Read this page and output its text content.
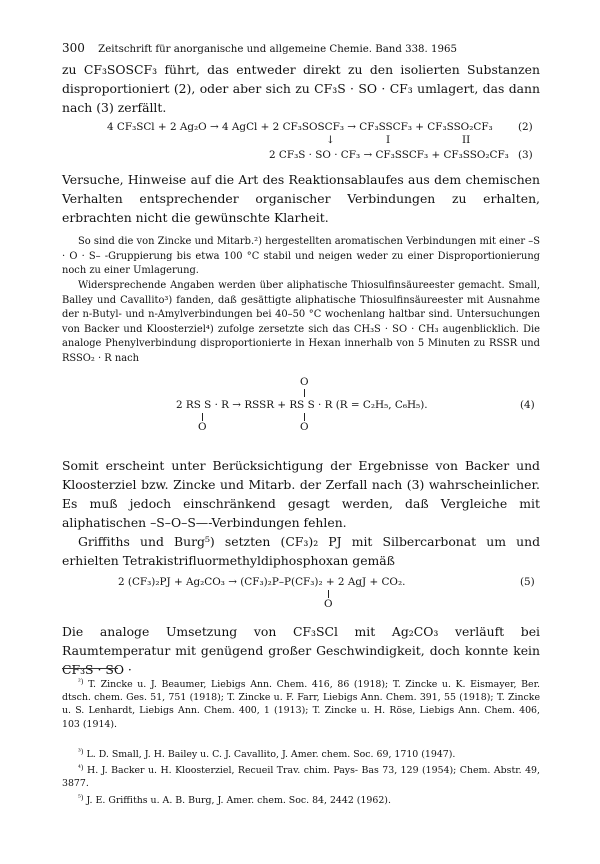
300 Zeitschrift für anorganische und allgemeine Chemie. Band 338. 1965
zu CF₃SOSCF₃ führt, das entweder direkt zu den isolierten Substanzen disproportioniert (2), oder aber sich zu CF₃S · SO · CF₃ umlagert, das dann nach (3) zerfällt.
4 CF₃SCl + 2 Ag₂O → 4 AgCl + 2 CF₃SOSCF₃ → CF₃SSCF₃ + CF₃SSO₂CF₃ (2)
↓	I	II
2 CF₃S · SO · CF₃ → CF₃SSCF₃ + CF₃SSO₂CF₃ (3)
Versuche, Hinweise auf die Art des Reaktionsablaufes aus dem chemischen Verhalten entsprechender organischer Verbindungen zu erhalten, erbrachten nicht die gewünschte Klarheit.
So sind die von Zincke und Mitarb.²) hergestellten aromatischen Verbindungen mit einer –S · O · S– -Gruppierung bis etwa 100 °C stabil und neigen weder zu einer Disproportionierung noch zu einer Umlagerung.
Widersprechende Angaben werden über aliphatische Thiosulfinsäureester gemacht. Small, Balley und Cavallito³) fanden, daß gesättigte aliphatische Thiosulfinsäureester mit Ausnahme der n-Butyl- und n-Amylverbindungen bei 40–50 °C wochenlang haltbar sind. Untersuchungen von Backer und Kloosterziel⁴) zufolge zersetzte sich das CH₃S · SO · CH₃ augenblicklich. Die analoge Phenylverbindung disproportionierte in Hexan innerhalb von 5 Minuten zu RSSR und RSSO₂ · R nach
O
2 RS S · R → RSSR + RS S · R (R = C₂H₅, C₆H₅).	(4)
O	O
Somit erscheint unter Berücksichtigung der Ergebnisse von Backer und Kloosterziel bzw. Zincke und Mitarb. der Zerfall nach (3) wahrscheinlicher. Es muß jedoch einschränkend gesagt werden, daß Vergleiche mit aliphatischen –S–O–S—-Verbindungen fehlen.
Griffiths und Burg⁵) setzten (CF₃)₂ PJ mit Silbercarbonat um und erhielten Tetrakistrifluormethyldiphosphoxan gemäß
2 (CF₃)₂PJ + Ag₂CO₃ → (CF₃)₂P–P(CF₃)₂ + 2 AgJ + CO₂.	(5)
O
Die analoge Umsetzung von CF₃SCl mit Ag₂CO₃ verläuft bei Raumtemperatur mit genügend großer Geschwindigkeit, doch konnte kein CF₃S · SO ·
$^{^2)}$ T. Zincke u. J. Beaumer, Liebigs Ann. Chem. 416, 86 (1918); T. Zincke u. K. Eismayer, Ber. dtsch. chem. Ges. 51, 751 (1918); T. Zincke u. F. Farr, Liebigs Ann. Chem. 391, 55 (1918); T. Zincke u. S. Lenhardt, Liebigs Ann. Chem. 400, 1 (1913); T. Zincke u. H. Röse, Liebigs Ann. Chem. 406, 103 (1914).
$^{^3)}$ L. D. Small, J. H. Bailey u. C. J. Cavallito, J. Amer. chem. Soc. 69, 1710 (1947).
$^{^4)}$ H. J. Backer u. H. Kloosterziel, Recueil Trav. chim. Pays- Bas 73, 129 (1954); Chem. Abstr. 49, 3877.
$^{^5)}$ J. E. Griffiths u. A. B. Burg, J. Amer. chem. Soc. 84, 2442 (1962).
